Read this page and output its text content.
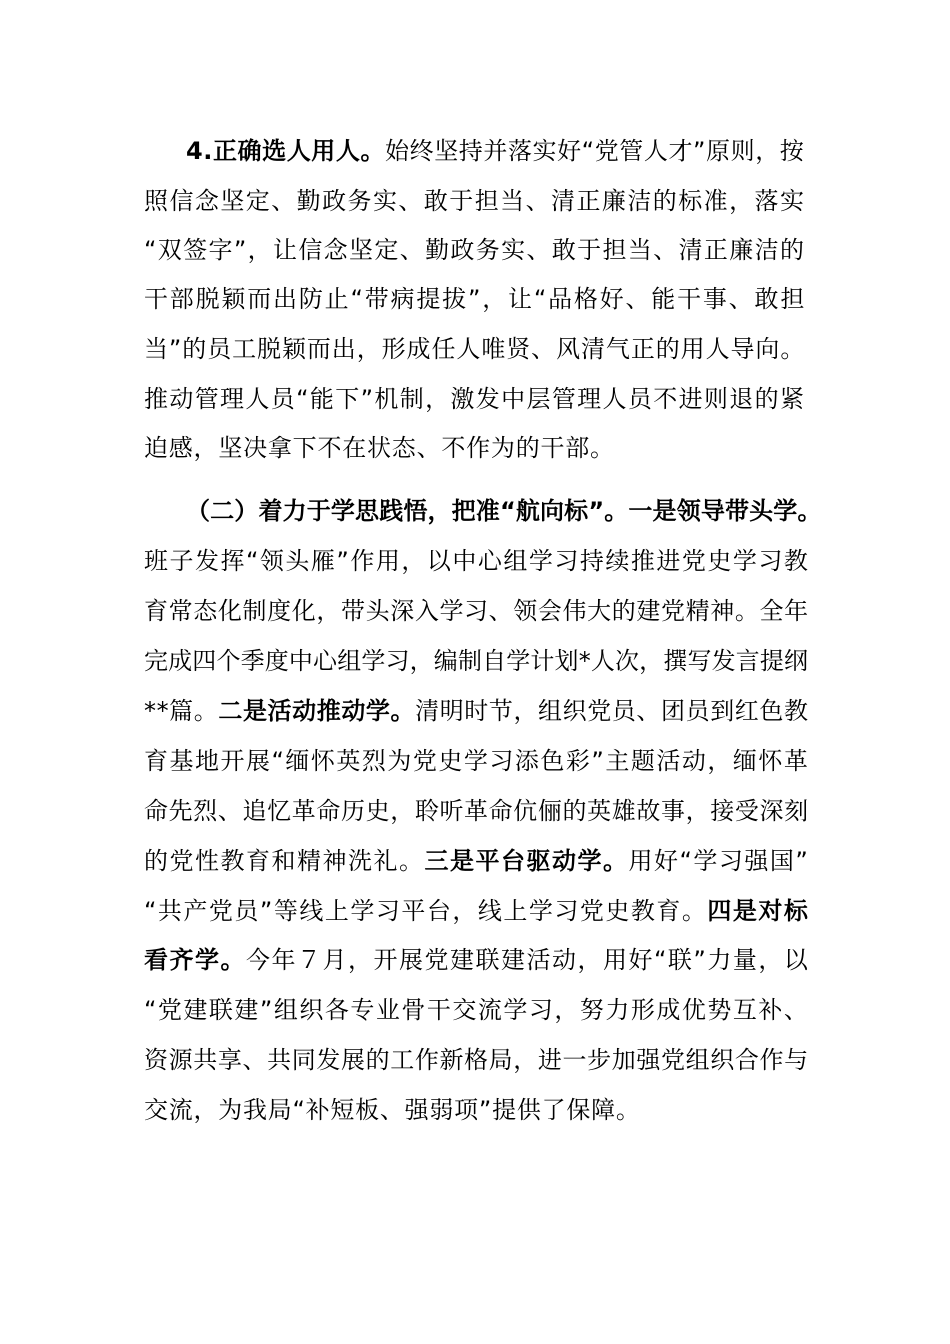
4.正确选人用人。始终坚持并落实好“党管人才”原则，按
照信念坚定、勤政务实、敢于担当、清正廉洁的标准，落实
“双签字”，让信念坚定、勤政务实、敢于担当、清正廉洁的
干部脱颖而出防止“带病提拔”，让“品格好、能干事、敢担
当”的员工脱颖而出，形成任人唯贤、风清气正的用人导向。
推动管理人员“能下”机制，激发中层管理人员不进则退的紧
迫感，坚决拿下不在状态、不作为的干部。
（二）着力于学思践悟，把准“航向标”。一是领导带头学。
班子发挥“领头雁”作用，以中心组学习持续推进党史学习教
育常态化制度化，带头深入学习、领会伟大的建党精神。全年
完成四个季度中心组学习，编制自学计划*人次，撰写发言提纲
**篇。二是活动推动学。清明时节，组织党员、团员到红色教
育基地开展“缅怀英烈为党史学习添色彩”主题活动，缅怀革
命先烈、追忆革命历史，聆听革命伉俪的英雄故事，接受深刻
的党性教育和精神洗礼。三是平台驱动学。用好“学习强国”
“共产党员”等线上学习平台，线上学习党史教育。四是对标
看齐学。今年７月，开展党建联建活动，用好“联”力量，以
“党建联建”组织各专业骨干交流学习，努力形成优势互补、
资源共享、共同发展的工作新格局，进一步加强党组织合作与
交流，为我局“补短板、强弱项”提供了保障。
